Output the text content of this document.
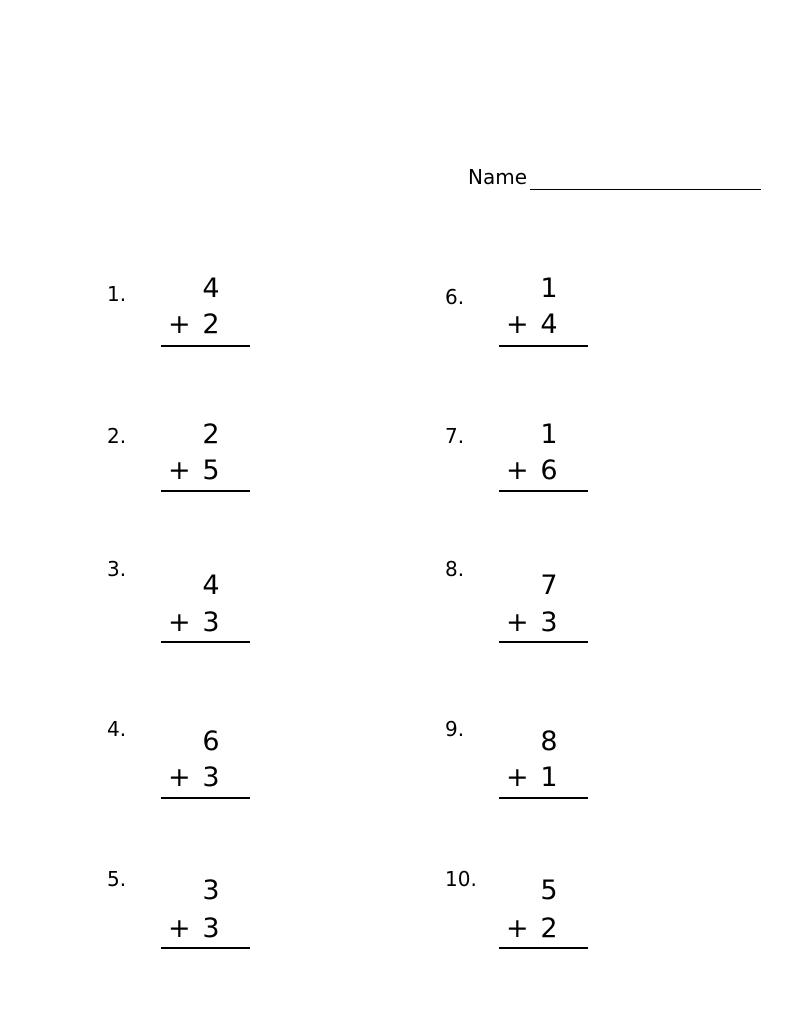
Name
1.	4
+ 2
2.	2
+ 5
3.
4
+ 3
4.	6
+ 3
5.	3
+ 3
6.	1
+ 4
7.	1
+ 6
8.
7
+ 3
9.	8
+ 1
10.	5
+ 2
